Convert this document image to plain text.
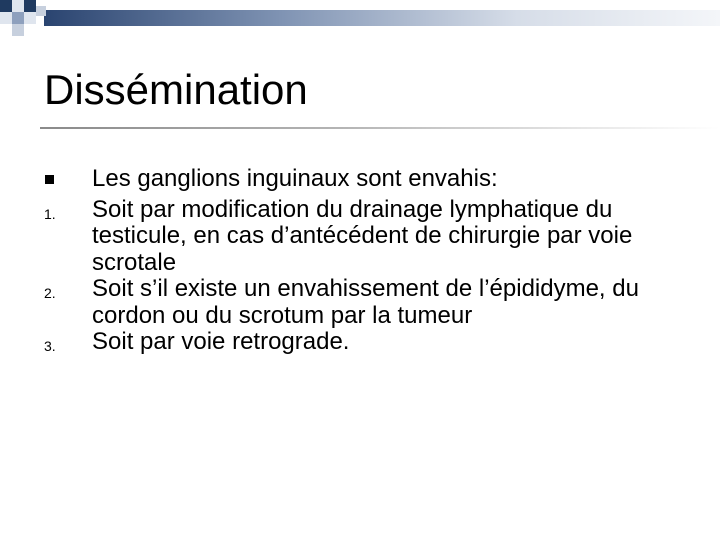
Dissémination
Les ganglions inguinaux sont envahis:
1.	Soit par modification du drainage lymphatique du testicule, en cas d’antécédent de chirurgie par voie scrotale
2.	Soit s’il existe un envahissement de l’épididyme, du cordon ou du scrotum par la tumeur
3.	Soit par voie retrograde.
